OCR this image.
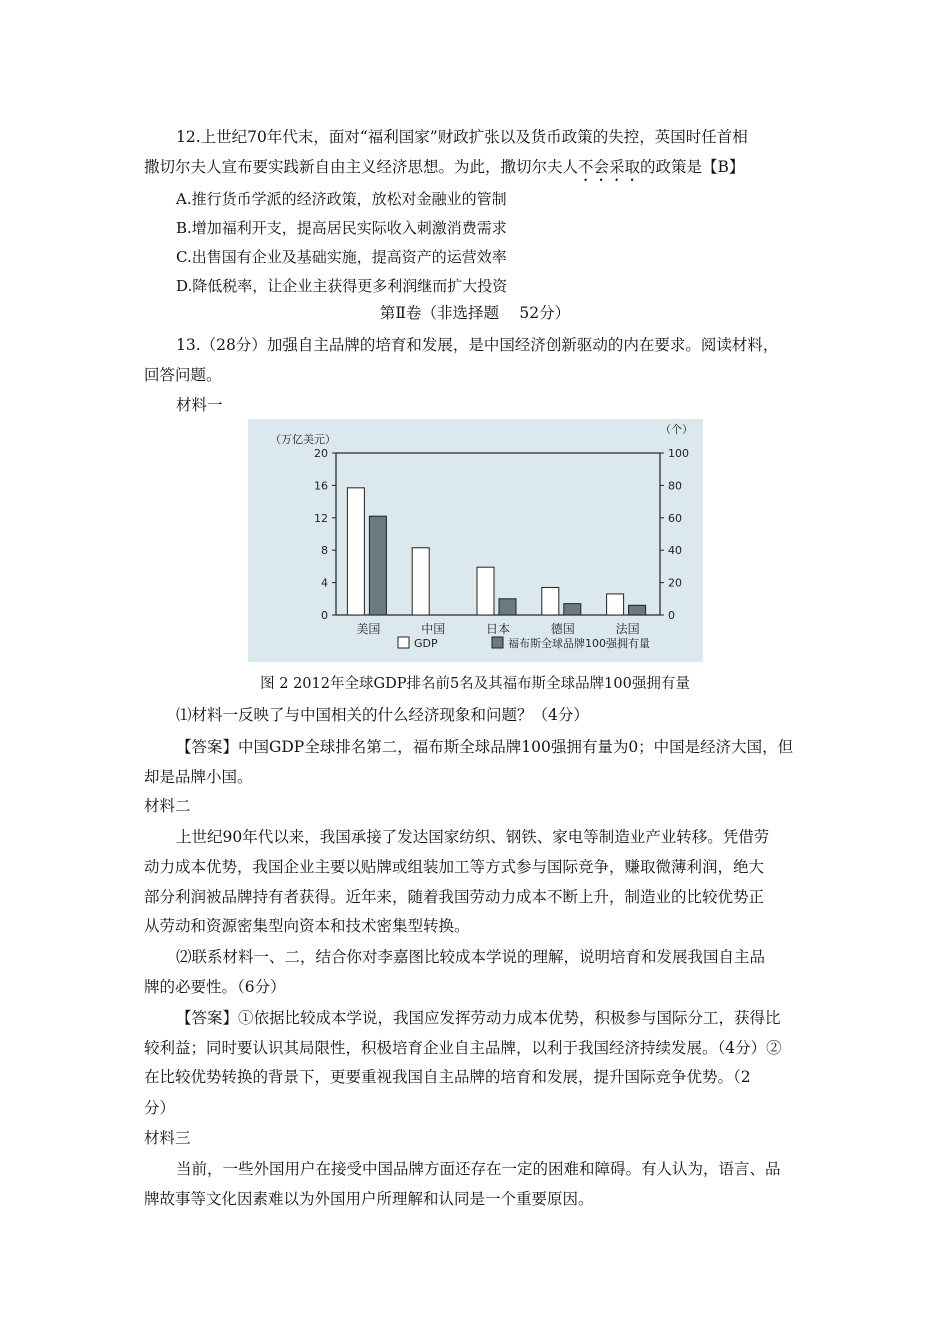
12.上世纪70年代末，面对“福利国家”财政扩张以及货币政策的失控，英国时任首相
撒切尔夫人宣布要实践新自由主义经济思想。为此，撒切尔夫人不会采取的政策是【B】
A.推行货币学派的经济政策，放松对金融业的管制
B.增加福利开支，提高居民实际收入刺激消费需求
C.出售国有企业及基础实施，提高资产的运营效率
D.降低税率，让企业主获得更多利润继而扩大投资
第Ⅱ卷（非选择题　 52分）
13.（28分）加强自主品牌的培育和发展，是中国经济创新驱动的内在要求。阅读材料，
回答问题。
材料一
（万亿美元）
（个）
0
4
8
12
16
20
0
20
40
60
80
100
美国	中国	日本	德国	法国
GDP	福布斯全球品牌100强拥有量
图 2 2012年全球GDP排名前5名及其福布斯全球品牌100强拥有量
⑴材料一反映了与中国相关的什么经济现象和问题？（4分）
【答案】中国GDP全球排名第二，福布斯全球品牌100强拥有量为0；中国是经济大国，但
却是品牌小国。
材料二
上世纪90年代以来，我国承接了发达国家纺织、钢铁、家电等制造业产业转移。凭借劳
动力成本优势，我国企业主要以贴牌或组装加工等方式参与国际竞争，赚取微薄利润，绝大
部分利润被品牌持有者获得。近年来，随着我国劳动力成本不断上升，制造业的比较优势正
从劳动和资源密集型向资本和技术密集型转换。
⑵联系材料一、二，结合你对李嘉图比较成本学说的理解，说明培育和发展我国自主品
牌的必要性。（6分）
【答案】①依据比较成本学说，我国应发挥劳动力成本优势，积极参与国际分工，获得比
较利益；同时要认识其局限性，积极培育企业自主品牌，以利于我国经济持续发展。（4分）②
在比较优势转换的背景下，更要重视我国自主品牌的培育和发展，提升国际竞争优势。（2
分）
材料三
当前，一些外国用户在接受中国品牌方面还存在一定的困难和障碍。有人认为，语言、品
牌故事等文化因素难以为外国用户所理解和认同是一个重要原因。
